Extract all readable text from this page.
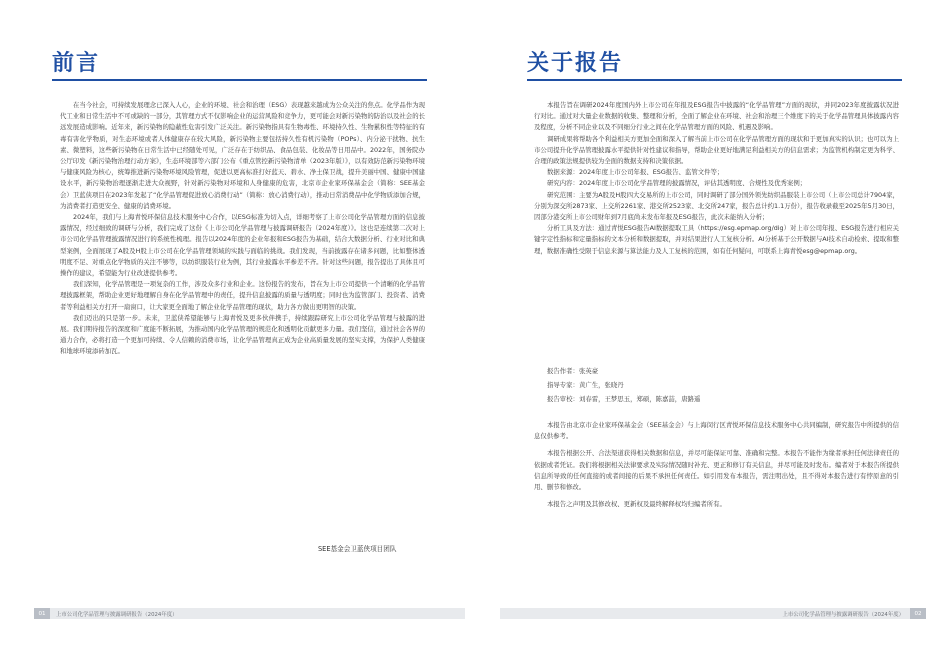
前言

在当今社会，可持续发展理念已深入人心，企业的环境、社会和治理（ESG）表现越来越成为公众关注的焦点。化学品作为现代工业和日常生活中不可或缺的一部分，其管理方式不仅影响企业的运营风险和竞争力，更可能会对新污染物的防治以及社会的长远发展造成影响。近年来，新污染物的隐蔽性危害引发广泛关注。新污染物指具有生物毒性、环境持久性、生物累积性等特征的有毒有害化学物质，对生态环境或者人体健康存在较大风险，新污染物主要包括持久性有机污染物（POPs）、内分泌干扰物、抗生素、微塑料，这些新污染物在日常生活中已经随处可见，广泛存在于纺织品、食品包装、化妆品等日用品中。2022年，国务院办公厅印发《新污染物治理行动方案》，生态环境部等六部门公布《重点管控新污染物清单（2023年版）》，以有效防范新污染物环境与健康风险为核心，统筹推进新污染物环境风险管理，促进以更高标准打好蓝天、碧水、净土保卫战，提升美丽中国、健康中国建设水平，新污染物治理逐渐走进大众视野，针对新污染物对环境和人身健康的危害，北京市企业家环保基金会（简称：SEE基金会）卫蓝侠项目在2023年发起了“化学品管理促进放心消费行动”（简称：放心消费行动），推动日常消费品中化学物质添加合规，为消费者打造更安全、健康的消费环境。

2024年，我们与上海青悦环保信息技术服务中心合作，以ESG标准为切入点，详细考察了上市公司化学品管理方面的信息披露情况，经过细致的调研与分析，我们完成了这份《上市公司化学品管理与披露调研报告（2024年度）》。这也是连续第二次对上市公司化学品管理披露情况进行的系统性梳理。报告以2024年度的企业年报和ESG报告为基础，结合大数据分析、行业对比和典型案例，全面展现了A股及H股上市公司在化学品管理领域的实践与面临的挑战。我们发现，当前披露存在诸多问题，比如整体透明度不足、对重点化学物质的关注不够等，以纺织服装行业为例，其行业披露水平参差不齐。针对这些问题，报告提出了具体且可操作的建议，希望能为行业改进提供参考。

我们深知，化学品管理是一项复杂的工作，涉及众多行业和企业。这份报告的发布，旨在为上市公司提供一个清晰的化学品管理披露框架，帮助企业更好地理解自身在化学品管理中的责任，提升信息披露的质量与透明度；同时也为监管部门、投资者、消费者等利益相关方打开一扇窗口，让大家更全面地了解企业化学品管理的现状，助力各方做出更明智的决策。

我们迈出的只是第一步。未来，卫蓝侠希望能够与上海青悦及更多伙伴携手，持续跟踪研究上市公司化学品管理与披露的进展。我们期待报告的深度和广度能不断拓展，为推动国内化学品管理的规范化和透明化贡献更多力量。我们坚信，通过社会各界的通力合作，必将打造一个更加可持续、令人信赖的消费市场，让化学品管理真正成为企业高质量发展的坚实支撑，为保护人类健康和地球环境添砖加瓦。

SEE基金会卫蓝侠项目团队
01	上市公司化学品管理与披露调研报告（2024年度）
关于报告

本报告旨在调研2024年度国内外上市公司在年报及ESG报告中披露的“化学品管理”方面的现状，并同2023年度披露状况进行对比。通过对大量企业数据的收集、整理和分析，全面了解企业在环境、社会和治理三个维度下的关于化学品管理具体披露内容及程度，分析不同企业以及不同细分行业之间在化学品管理方面的风险、机遇及影响。

调研成果将帮助各个利益相关方更加全面和深入了解当前上市公司在化学品管理方面的现状和于更加真实的认识；也可以为上市公司提升化学品管理披露水平提供针对性建议和指导，帮助企业更好地满足利益相关方的信息需求；为监管机构制定更为科学、合理的政策法规提供较为全面的数据支持和决策依据。

数据来源：2024年度上市公司年报、ESG报告、监管文件等；

研究内容：2024年度上市公司化学品管理的披露情况，评估其透明度、合规性及优秀案例；

研究范围：主要为A股及H股四大交易所的上市公司，同时调研了部分国外领先纺织品服装上市公司（上市公司总计7904家，分别为深交所2873家、上交所2261家、港交所2523家、北交所247家，报告总计约1.1万份），报告收录截至2025年5月30日，因部分港交所上市公司财年到7月底尚未发布年报及ESG报告，此次未能纳入分析；

分析工具及方法：通过青悦ESG报告AI数据提取工具（https://esg.epmap.org/dig）对上市公司年报、ESG报告进行相应关键字定性指标和定量指标的文本分析和数据提取，并对结果进行人工复核分析。AI分析基于公开数据与AI技术自动检索、提取和整理，数据准确性受限于信息来源与算法能力及人工复核的范围，如有任何疑问，可联系上海青悦esg@epmap.org。

报告作者：张英豪
指导专家：黄广生，张晓丹
报告审校：刘春雷，王梦思玉，郑硕，陈嘉喆，唐路遥

本报告由北京市企业家环保基金会（SEE基金会）与上海闵行区青悦环保信息技术服务中心共同编制，研究报告中所提供的信息仅供参考。

本报告根据公开、合法渠道获得相关数据和信息，并尽可能保证可靠、准确和完整。本报告不能作为缘者承担任何法律责任的依据或者凭证。我们将根据相关法律要求及实际情况随时补充、更正和修订有关信息，并尽可能及时发布。编者对于本报告所提供信息所导致的任何直接的或者间接的后果不承担任何责任。如引用发布本报告，需注明出处，且不得对本报告进行有悖原意的引用、删节和修改。

本报告之声明及其修改权、更新权及最终解释权均归编者所有。

上市公司化学品管理与披露调研报告（2024年度）	02
